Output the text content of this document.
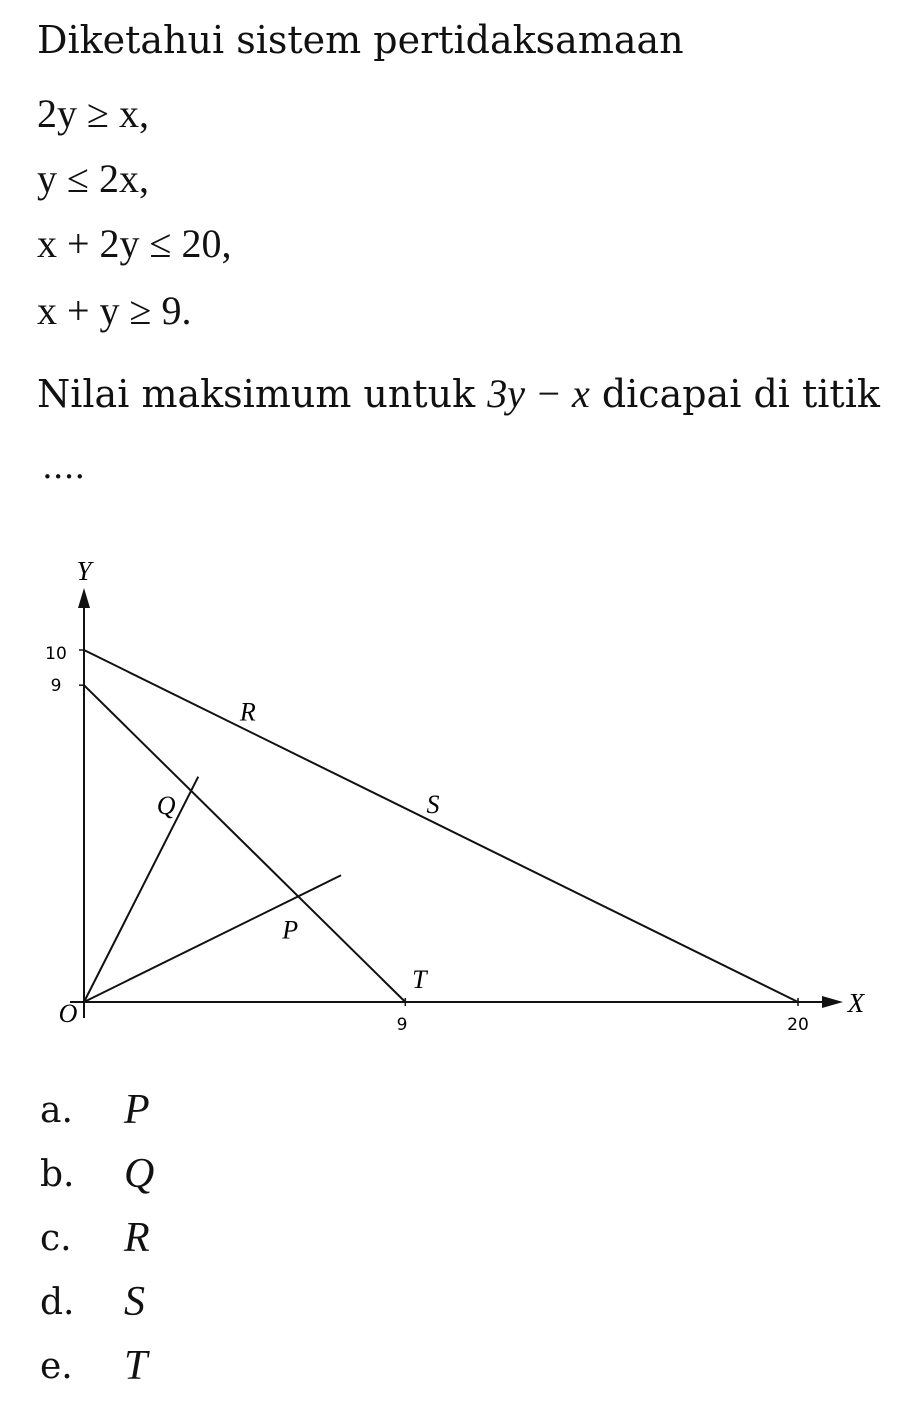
Diketahui sistem pertidaksamaan
2y ≥ x,
y ≤ 2x,
x + 2y ≤ 20,
x + y ≥ 9.
Nilai maksimum untuk 3y − x dicapai di titik
....
Y
X
O	9	20
10
9
P
Q
R
S
T
a.	P
b.	Q
c.	R
d.	S
e.	T
